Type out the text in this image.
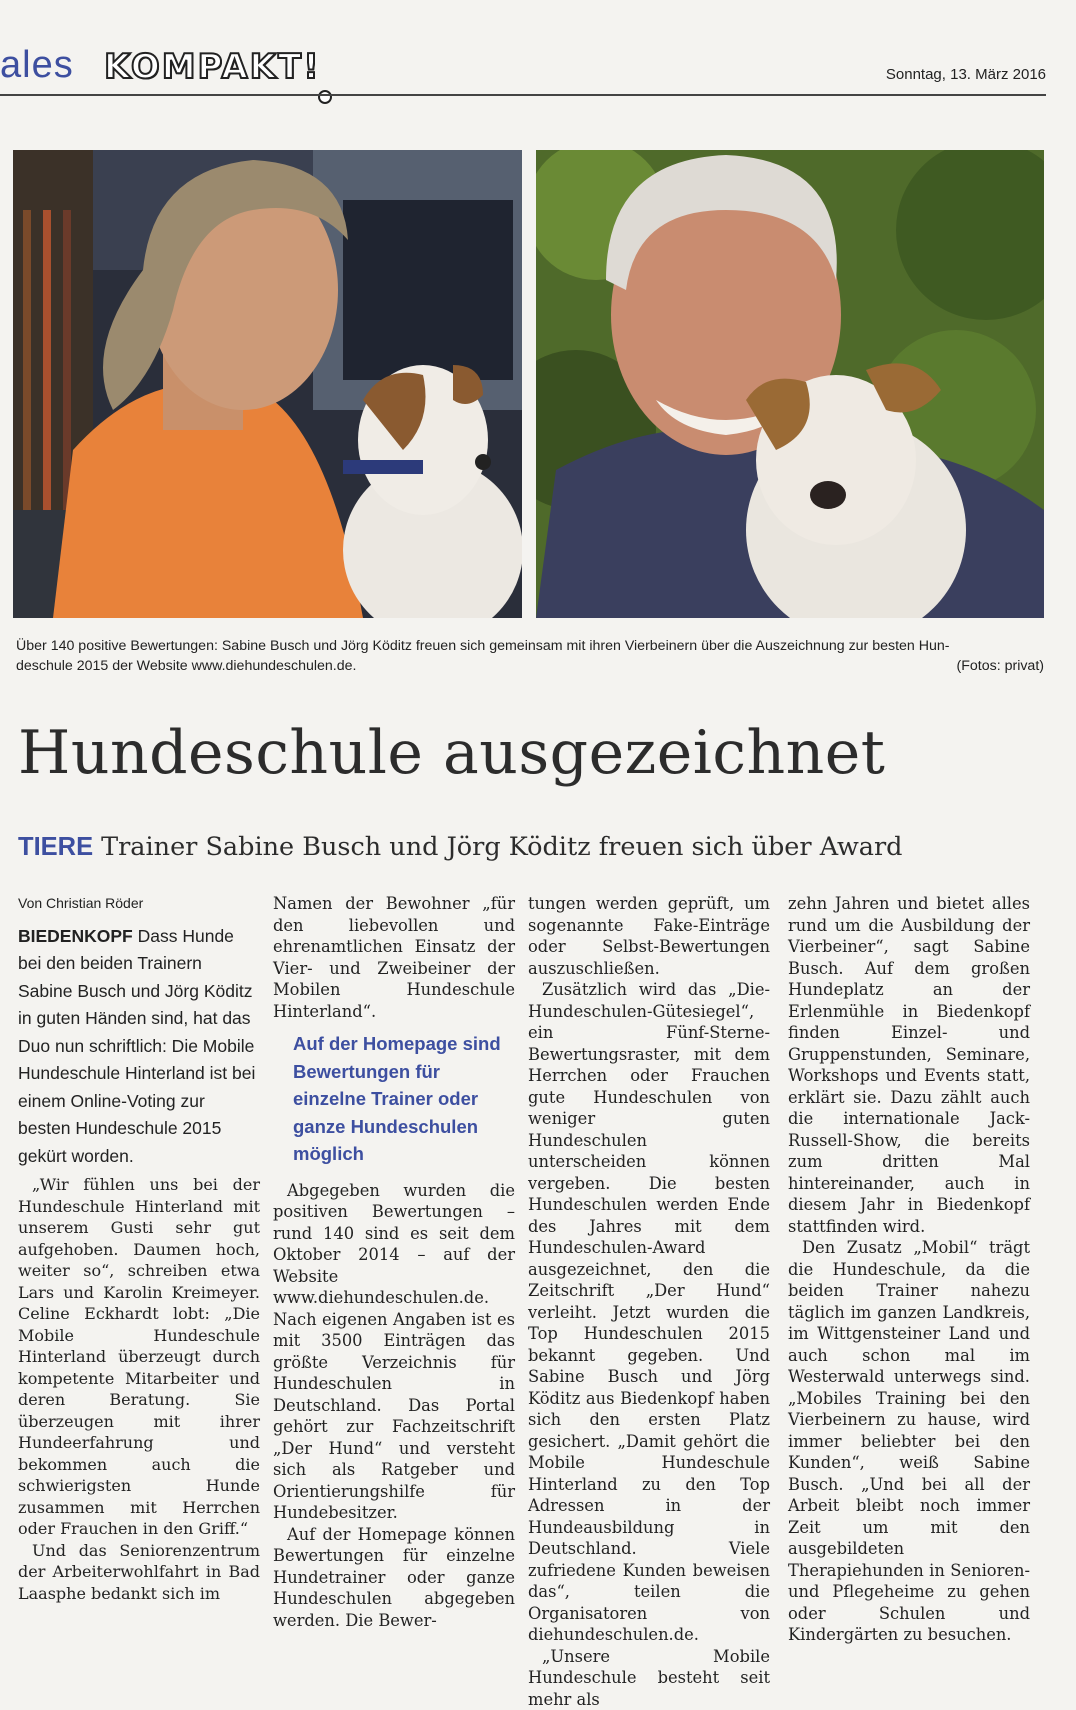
ales KOMPAKT!	Sonntag, 13. März 2016
Über 140 positive Bewertungen: Sabine Busch und Jörg Köditz freuen sich gemeinsam mit ihren Vierbeinern über die Auszeichnung zur besten Hun-
deschule 2015 der Website www.diehundeschulen.de.	(Fotos: privat)
Hundeschule ausgezeichnet
TIERE Trainer Sabine Busch und Jörg Köditz freuen sich über Award

Von Christian Röder

BIEDENKOPF Dass Hunde bei den beiden Trainern Sabine Busch und Jörg Köditz in guten Händen sind, hat das Duo nun schriftlich: Die Mobile Hundeschule Hinterland ist bei einem Online-Voting zur besten Hundeschule 2015 gekürt worden.

„Wir fühlen uns bei der Hundeschule Hinterland mit unserem Gusti sehr gut aufgehoben. Daumen hoch, weiter so“, schreiben etwa Lars und Karolin Kreimeyer. Celine Eckhardt lobt: „Die Mobile Hundeschule Hinterland überzeugt durch kompetente Mitarbeiter und deren Beratung. Sie überzeugen mit ihrer Hundeerfahrung und bekommen auch die schwierigsten Hunde zusammen mit Herrchen oder Frauchen in den Griff.“

Und das Seniorenzentrum der Arbeiterwohlfahrt in Bad Laasphe bedankt sich im

Namen der Bewohner „für den liebevollen und ehrenamtlichen Einsatz der Vier- und Zweibeiner der Mobilen Hundeschule Hinterland“.

Auf der Homepage sind Bewertungen für einzelne Trainer oder ganze Hundeschulen möglich

Abgegeben wurden die positiven Bewertungen – rund 140 sind es seit dem Oktober 2014 – auf der Website www.diehundeschulen.de. Nach eigenen Angaben ist es mit 3500 Einträgen das größte Verzeichnis für Hundeschulen in Deutschland. Das Portal gehört zur Fachzeitschrift „Der Hund“ und versteht sich als Ratgeber und Orientierungshilfe für Hundebesitzer.

Auf der Homepage können Bewertungen für einzelne Hundetrainer oder ganze Hundeschulen abgegeben werden. Die Bewer-

tungen werden geprüft, um sogenannte Fake-Einträge oder Selbst-Bewertungen auszuschließen.

Zusätzlich wird das „Die-Hundeschulen-Gütesiegel“, ein Fünf-Sterne-Bewertungsraster, mit dem Herrchen oder Frauchen gute Hundeschulen von weniger guten Hundeschulen unterscheiden können vergeben. Die besten Hundeschulen werden Ende des Jahres mit dem Hundeschulen-Award ausgezeichnet, den die Zeitschrift „Der Hund“ verleiht. Jetzt wurden die Top Hundeschulen 2015 bekannt gegeben. Und Sabine Busch und Jörg Köditz aus Biedenkopf haben sich den ersten Platz gesichert. „Damit gehört die Mobile Hundeschule Hinterland zu den Top Adressen in der Hundeausbildung in Deutschland. Viele zufriedene Kunden beweisen das“, teilen die Organisatoren von diehundeschulen.de.

„Unsere Mobile Hundeschule besteht seit mehr als

zehn Jahren und bietet alles rund um die Ausbildung der Vierbeiner“, sagt Sabine Busch. Auf dem großen Hundeplatz an der Erlenmühle in Biedenkopf finden Einzel- und Gruppenstunden, Seminare, Workshops und Events statt, erklärt sie. Dazu zählt auch die internationale Jack-Russell-Show, die bereits zum dritten Mal hintereinander, auch in diesem Jahr in Biedenkopf stattfinden wird.

Den Zusatz „Mobil“ trägt die Hundeschule, da die beiden Trainer nahezu täglich im ganzen Landkreis, im Wittgensteiner Land und auch schon mal im Westerwald unterwegs sind. „Mobiles Training bei den Vierbeinern zu hause, wird immer beliebter bei den Kunden“, weiß Sabine Busch. „Und bei all der Arbeit bleibt noch immer Zeit um mit den ausgebildeten Therapiehunden in Senioren- und Pflegeheime zu gehen oder Schulen und Kindergärten zu besuchen.
